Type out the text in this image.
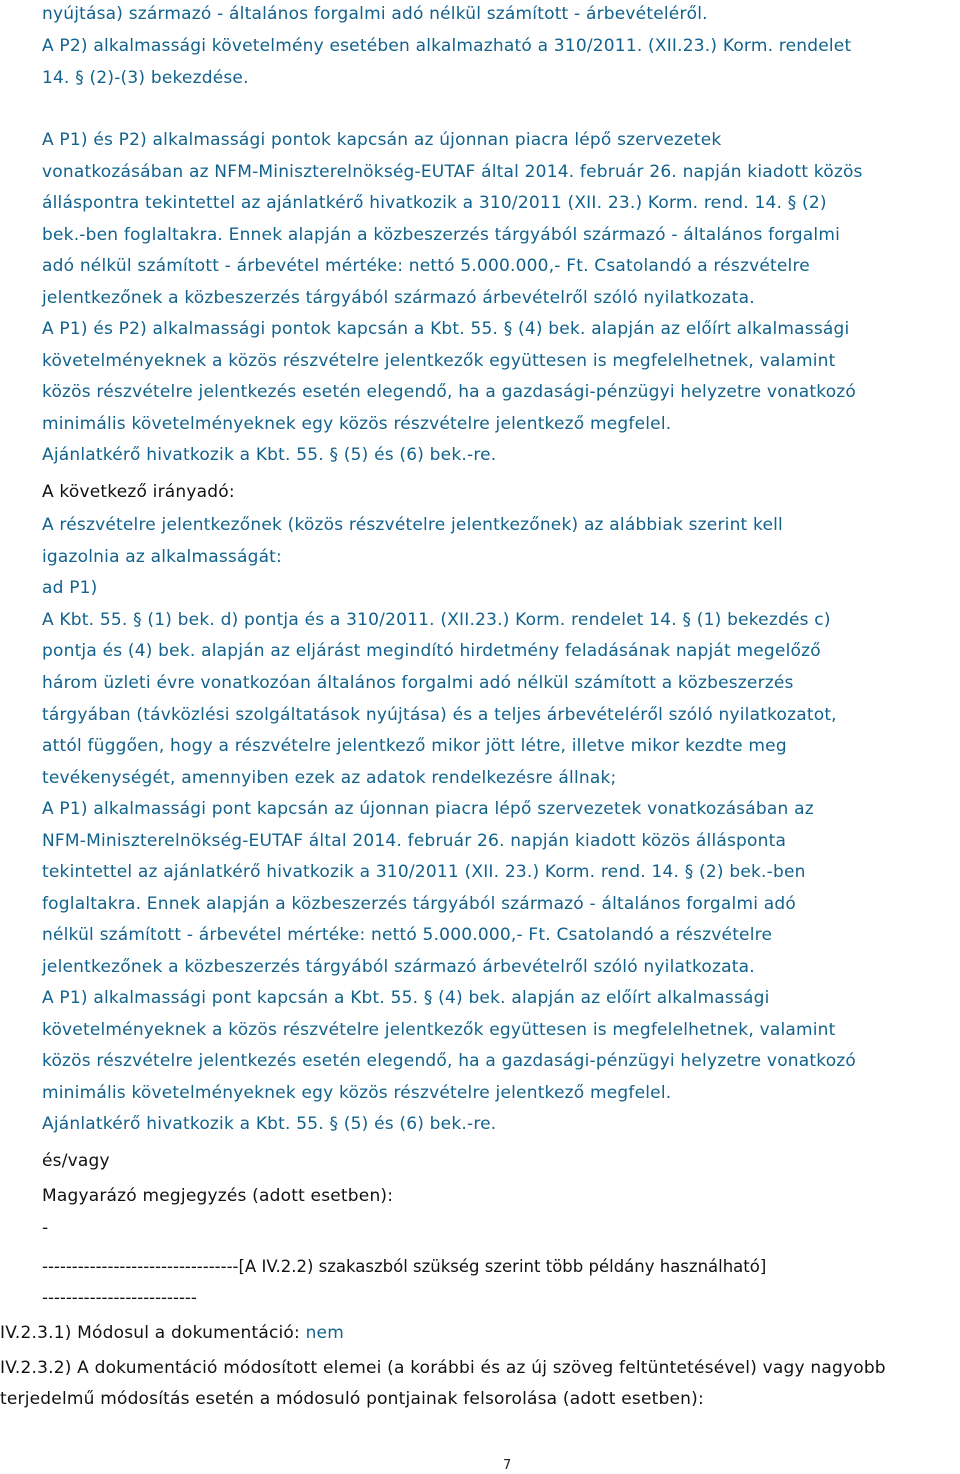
nyújtása) származó - általános forgalmi adó nélkül számított - árbevételéről.
A P2) alkalmassági követelmény esetében alkalmazható a 310/2011. (XII.23.) Korm. rendelet
14. § (2)-(3) bekezdése.
A P1) és P2) alkalmassági pontok kapcsán az újonnan piacra lépő szervezetek
vonatkozásában az NFM-Miniszterelnökség-EUTAF által 2014. február 26. napján kiadott közös
álláspontra tekintettel az ajánlatkérő hivatkozik a 310/2011 (XII. 23.) Korm. rend. 14. § (2)
bek.-ben foglaltakra. Ennek alapján a közbeszerzés tárgyából származó - általános forgalmi
adó nélkül számított - árbevétel mértéke: nettó 5.000.000,- Ft. Csatolandó a részvételre
jelentkezőnek a közbeszerzés tárgyából származó árbevételről szóló nyilatkozata.
A P1) és P2) alkalmassági pontok kapcsán a Kbt. 55. § (4) bek. alapján az előírt alkalmassági
követelményeknek a közös részvételre jelentkezők együttesen is megfelelhetnek, valamint
közös részvételre jelentkezés esetén elegendő, ha a gazdasági-pénzügyi helyzetre vonatkozó
minimális követelményeknek egy közös részvételre jelentkező megfelel.
Ajánlatkérő hivatkozik a Kbt. 55. § (5) és (6) bek.-re.
A következő irányadó:
A részvételre jelentkezőnek (közös részvételre jelentkezőnek) az alábbiak szerint kell
igazolnia az alkalmasságát:
ad P1)
A Kbt. 55. § (1) bek. d) pontja és a 310/2011. (XII.23.) Korm. rendelet 14. § (1) bekezdés c)
pontja és (4) bek. alapján az eljárást megindító hirdetmény feladásának napját megelőző
három üzleti évre vonatkozóan általános forgalmi adó nélkül számított a közbeszerzés
tárgyában (távközlési szolgáltatások nyújtása) és a teljes árbevételéről szóló nyilatkozatot,
attól függően, hogy a részvételre jelentkező mikor jött létre, illetve mikor kezdte meg
tevékenységét, amennyiben ezek az adatok rendelkezésre állnak;
A P1) alkalmassági pont kapcsán az újonnan piacra lépő szervezetek vonatkozásában az
NFM-Miniszterelnökség-EUTAF által 2014. február 26. napján kiadott közös állásponta
tekintettel az ajánlatkérő hivatkozik a 310/2011 (XII. 23.) Korm. rend. 14. § (2) bek.-ben
foglaltakra. Ennek alapján a közbeszerzés tárgyából származó - általános forgalmi adó
nélkül számított - árbevétel mértéke: nettó 5.000.000,- Ft. Csatolandó a részvételre
jelentkezőnek a közbeszerzés tárgyából származó árbevételről szóló nyilatkozata.
A P1) alkalmassági pont kapcsán a Kbt. 55. § (4) bek. alapján az előírt alkalmassági
követelményeknek a közös részvételre jelentkezők együttesen is megfelelhetnek, valamint
közös részvételre jelentkezés esetén elegendő, ha a gazdasági-pénzügyi helyzetre vonatkozó
minimális követelményeknek egy közös részvételre jelentkező megfelel.
Ajánlatkérő hivatkozik a Kbt. 55. § (5) és (6) bek.-re.
és/vagy
Magyarázó megjegyzés (adott esetben):
-
---------------------------------[A IV.2.2) szakaszból szükség szerint több példány használható]
--------------------------
IV.2.3.1) Módosul a dokumentáció: nem
IV.2.3.2) A dokumentáció módosított elemei (a korábbi és az új szöveg feltüntetésével) vagy nagyobb
terjedelmű módosítás esetén a módosuló pontjainak felsorolása (adott esetben):
7
